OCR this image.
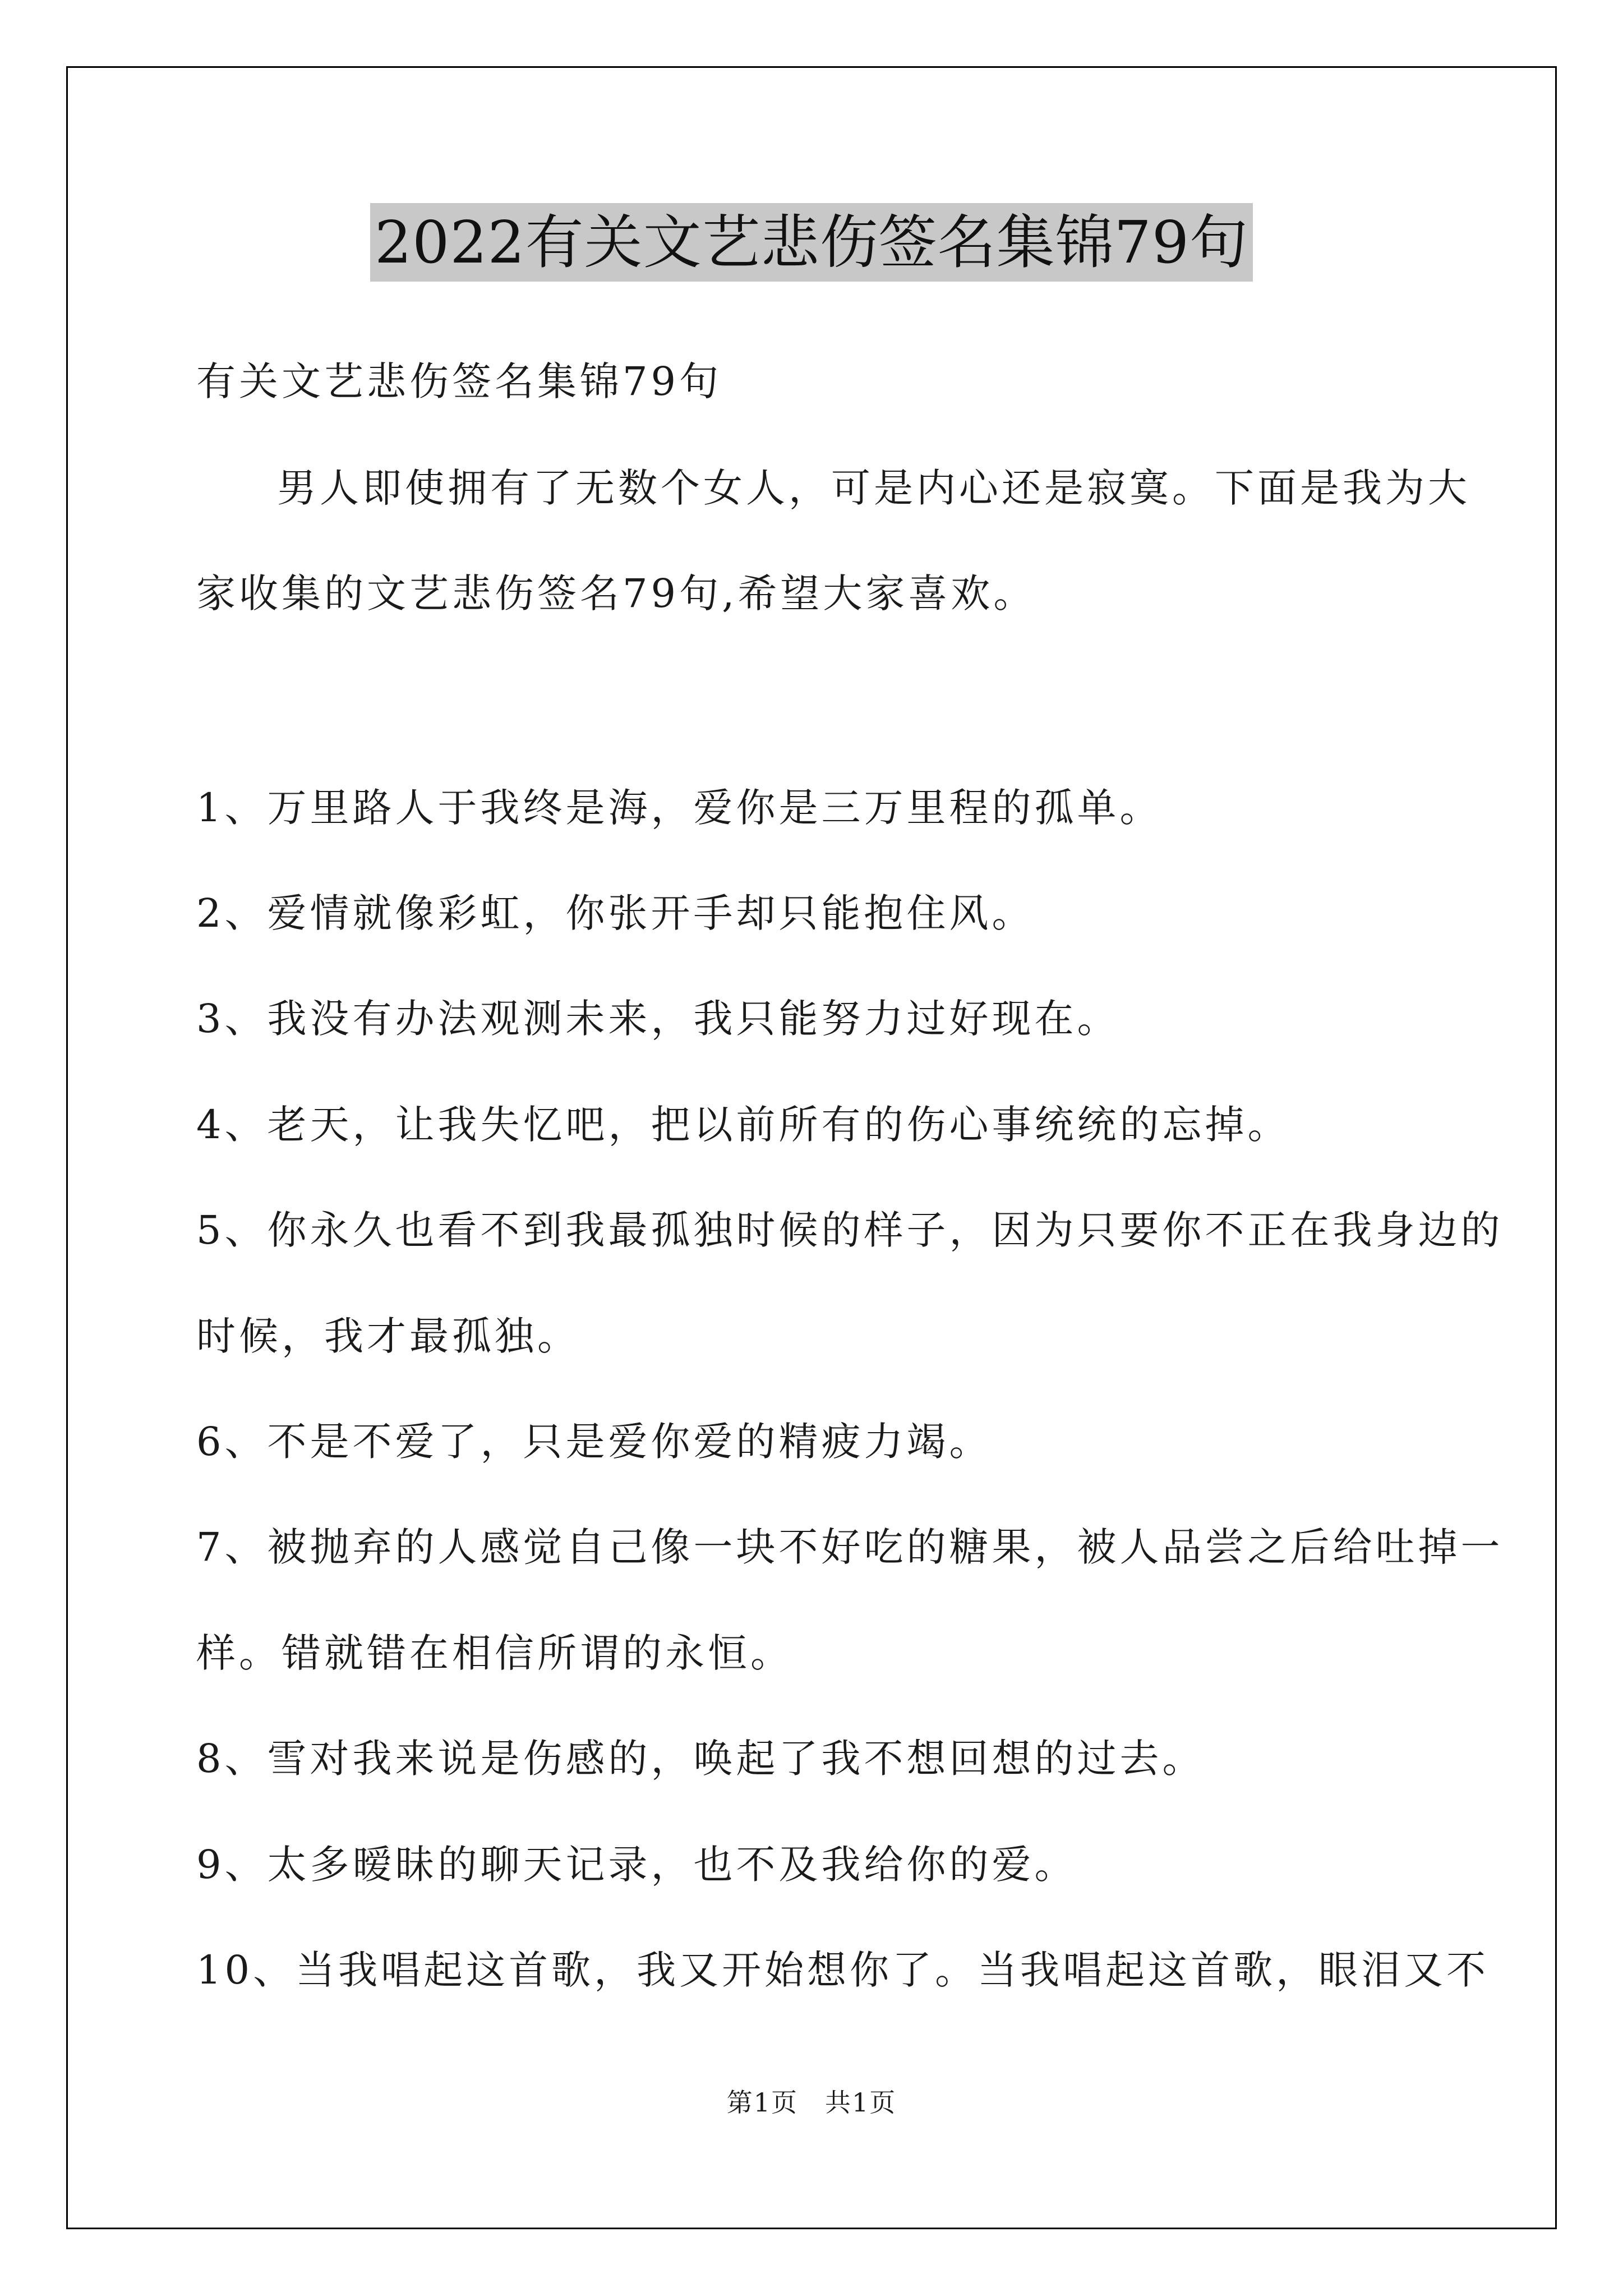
2022有关文艺悲伤签名集锦79句
有关文艺悲伤签名集锦79句
男人即使拥有了无数个女人，可是内心还是寂寞。下面是我为大
家收集的文艺悲伤签名79句,希望大家喜欢。
1、万里路人于我终是海，爱你是三万里程的孤单。
2、爱情就像彩虹，你张开手却只能抱住风。
3、我没有办法观测未来，我只能努力过好现在。
4、老天，让我失忆吧，把以前所有的伤心事统统的忘掉。
5、你永久也看不到我最孤独时候的样子，因为只要你不正在我身边的
时候，我才最孤独。
6、不是不爱了，只是爱你爱的精疲力竭。
7、被抛弃的人感觉自己像一块不好吃的糖果，被人品尝之后给吐掉一
样。错就错在相信所谓的永恒。
8、雪对我来说是伤感的，唤起了我不想回想的过去。
9、太多暧昧的聊天记录，也不及我给你的爱。
10、当我唱起这首歌，我又开始想你了。当我唱起这首歌，眼泪又不
第1页　共1页
